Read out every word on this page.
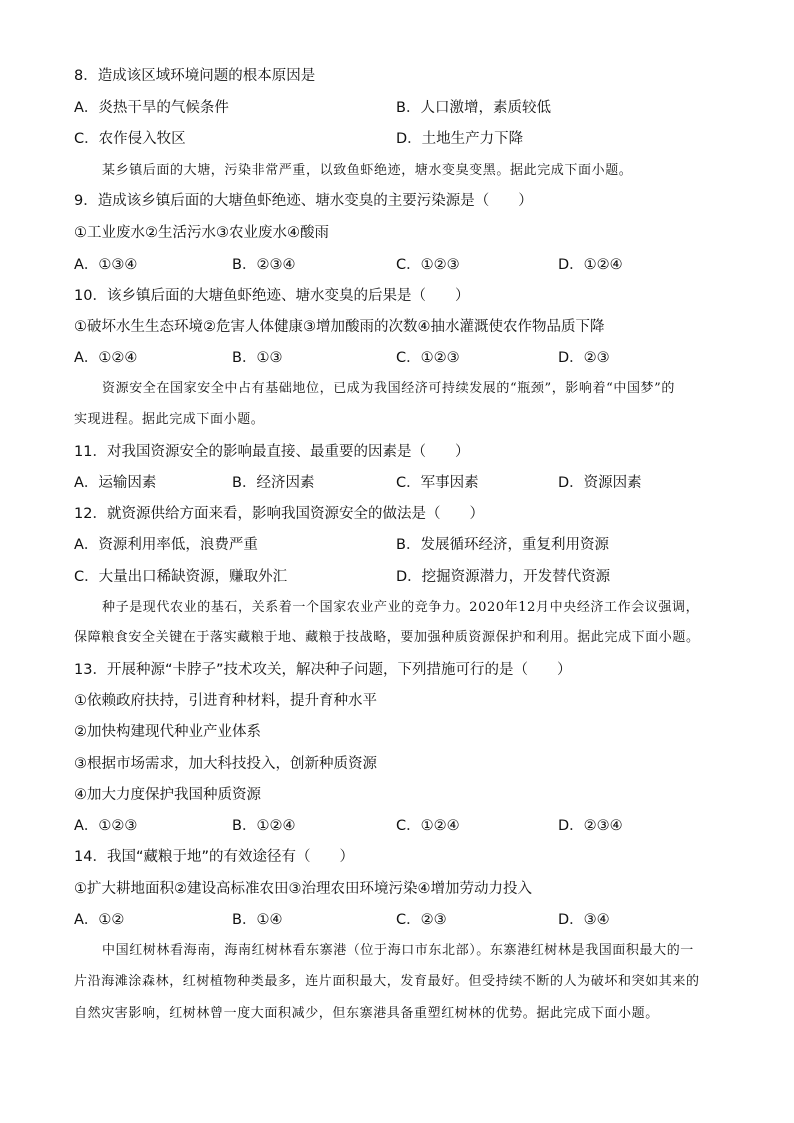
8．造成该区域环境问题的根本原因是
A．炎热干旱的气候条件	B．人口激增，素质较低
C．农作侵入牧区	D．土地生产力下降
某乡镇后面的大塘，污染非常严重，以致鱼虾绝迹，塘水变臭变黑。据此完成下面小题。
9．造成该乡镇后面的大塘鱼虾绝迹、塘水变臭的主要污染源是（　　）
①工业废水②生活污水③农业废水④酸雨
A．①③④	B．②③④	C．①②③	D．①②④
10．该乡镇后面的大塘鱼虾绝迹、塘水变臭的后果是（　　）
①破坏水生生态环境②危害人体健康③增加酸雨的次数④抽水灌溉使农作物品质下降
A．①②④	B．①③	C．①②③	D．②③
资源安全在国家安全中占有基础地位，已成为我国经济可持续发展的“瓶颈”，影响着“中国梦”的
实现进程。据此完成下面小题。
11．对我国资源安全的影响最直接、最重要的因素是（　　）
A．运输因素	B．经济因素	C．军事因素	D．资源因素
12．就资源供给方面来看，影响我国资源安全的做法是（　　）
A．资源利用率低，浪费严重	B．发展循环经济，重复利用资源
C．大量出口稀缺资源，赚取外汇	D．挖掘资源潜力，开发替代资源
种子是现代农业的基石，关系着一个国家农业产业的竞争力。2020年12月中央经济工作会议强调，
保障粮食安全关键在于落实藏粮于地、藏粮于技战略，要加强种质资源保护和利用。据此完成下面小题。
13．开展种源“卡脖子”技术攻关，解决种子问题，下列措施可行的是（　　）
①依赖政府扶持，引进育种材料，提升育种水平
②加快构建现代种业产业体系
③根据市场需求，加大科技投入，创新种质资源
④加大力度保护我国种质资源
A．①②③	B．①②④	C．①②④	D．②③④
14．我国“藏粮于地”的有效途径有（　　）
①扩大耕地面积②建设高标准农田③治理农田环境污染④增加劳动力投入
A．①②	B．①④	C．②③	D．③④
中国红树林看海南，海南红树林看东寨港（位于海口市东北部）。东寨港红树林是我国面积最大的一
片沿海滩涂森林，红树植物种类最多，连片面积最大，发育最好。但受持续不断的人为破坏和突如其来的
自然灾害影响，红树林曾一度大面积减少，但东寨港具备重塑红树林的优势。据此完成下面小题。
